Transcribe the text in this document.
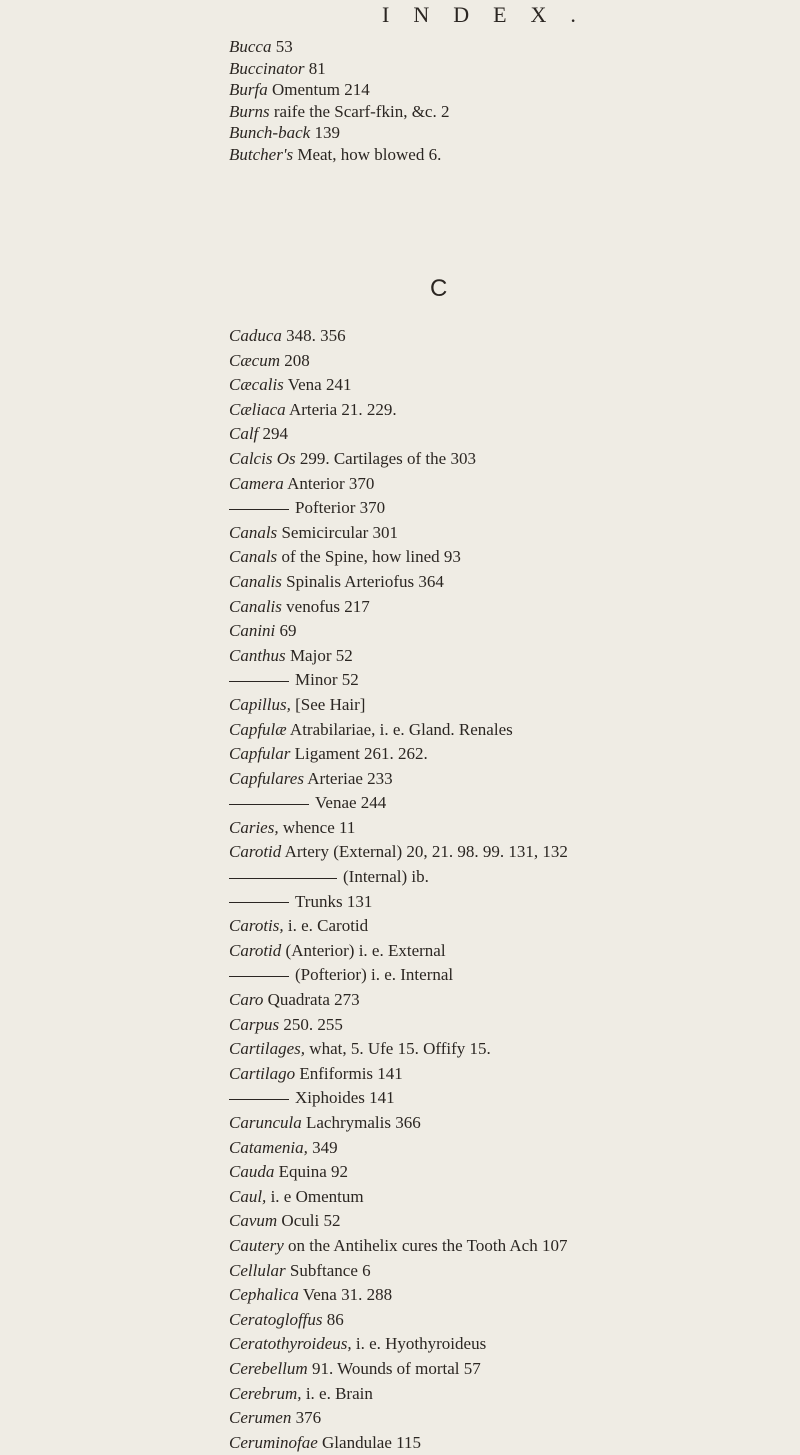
INDEX.
Bucca 53
Buccinator 81
Burfa Omentum 214
Burns raife the Scarf-fkin, &c. 2
Bunch-back 139
Butcher's Meat, how blowed 6.
C
Caduca 348. 356
Cæcum 208
Cæcalis Vena 241
Cæliaca Arteria 21. 229.
Calf 294
Calcis Os 299. Cartilages of the 303
Camera Anterior 370
Pofterior 370
Canals Semicircular 301
Canals of the Spine, how lined 93
Canalis Spinalis Arteriofus 364
Canalis venofus 217
Canini 69
Canthus Major 52
Minor 52
Capillus, [See Hair]
Capfulæ Atrabilariae, i. e. Gland. Renales
Capfular Ligament 261. 262.
Capfulares Arteriae 233
Venae 244
Caries, whence 11
Carotid Artery (External) 20, 21. 98. 99. 131, 132
(Internal) ib.
Trunks 131
Carotis, i. e. Carotid
Carotid (Anterior) i. e. External
(Pofterior) i. e. Internal
Caro Quadrata 273
Carpus 250. 255
Cartilages, what, 5. Ufe 15. Offify 15.
Cartilago Enfiformis 141
Xiphoides 141
Caruncula Lachrymalis 366
Catamenia, 349
Cauda Equina 92
Caul, i. e Omentum
Cavum Oculi 52
Cautery on the Antihelix cures the Tooth Ach 107
Cellular Subftance 6
Cephalica Vena 31. 288
Ceratogloffus 86
Ceratothyroideus, i. e. Hyothyroideus
Cerebellum 91. Wounds of mortal 57
Cerebrum, i. e. Brain
Cerumen 376
Ceruminofae Glandulae 115
